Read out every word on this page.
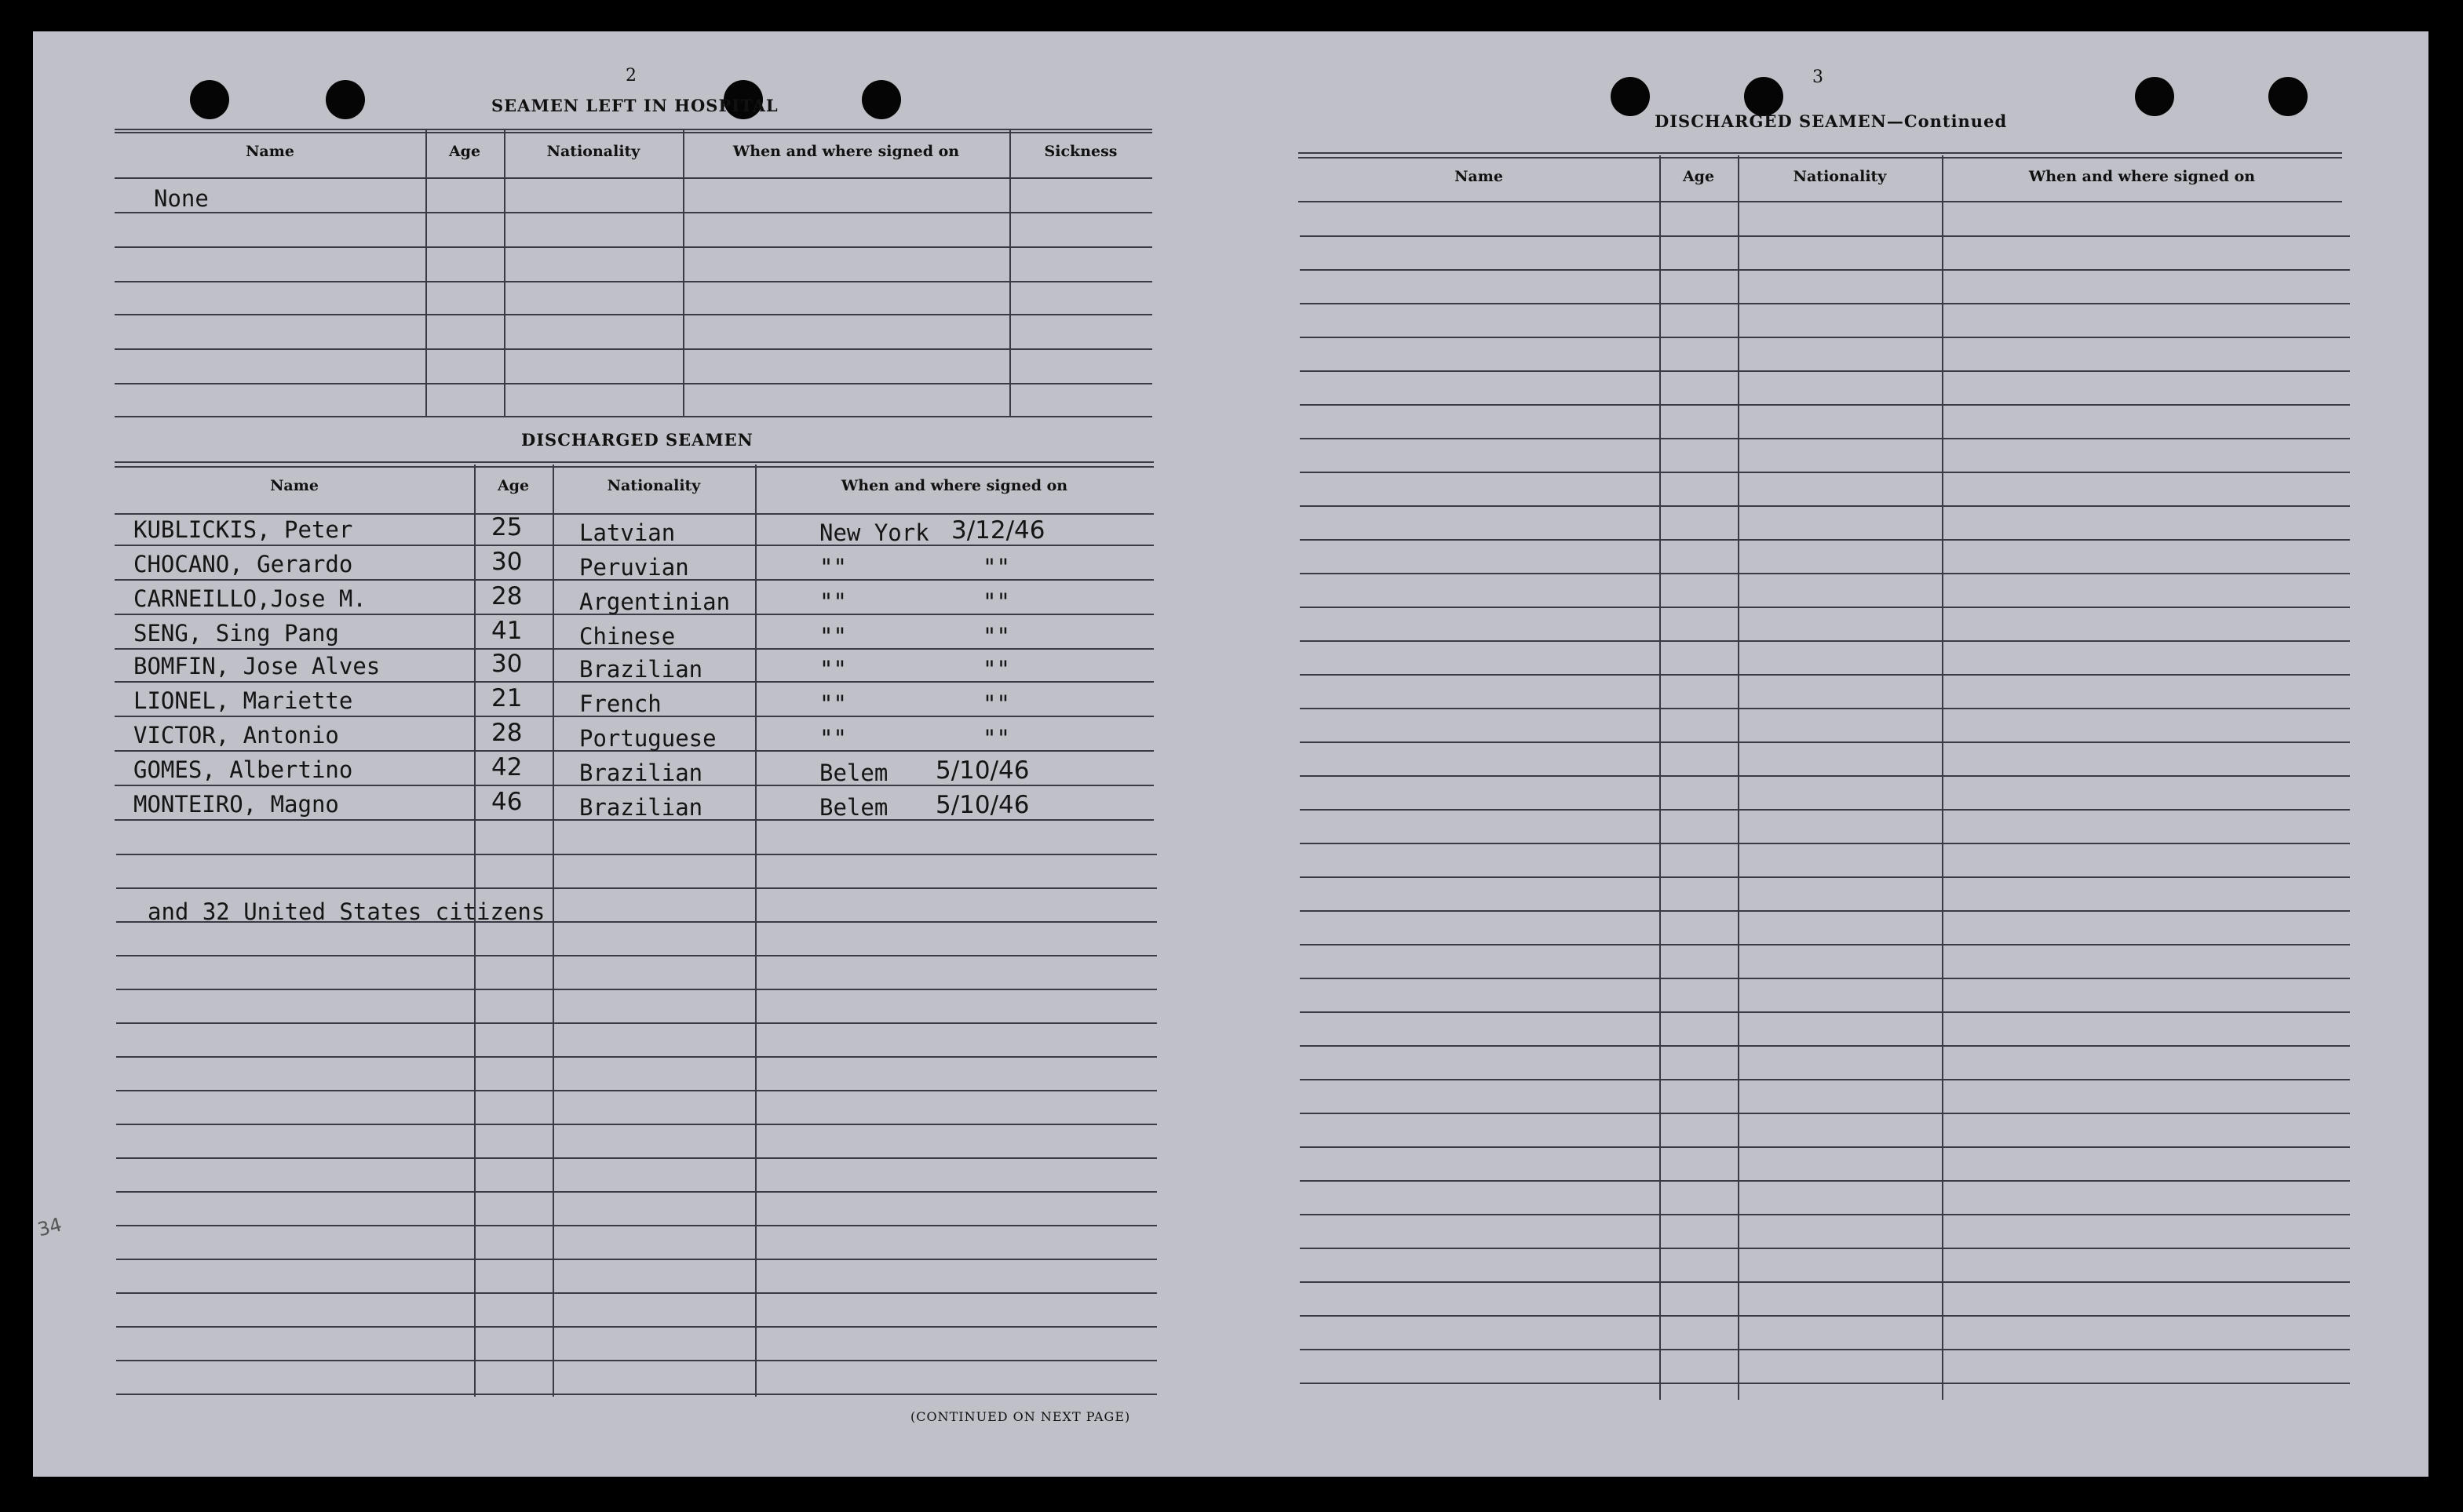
2
SEAMEN LEFT IN HOSPITAL
Name	Age	Nationality	When and where signed on	Sickness
None
Name	Age	Nationality	When and where signed on
KUBLICKIS, Peter	25	Latvian	New York 3/12/46
CHOCANO, Gerardo	30	Peruvian	""	""
CARNEILLO,Jose M.	28	Argentinian	""	""
SENG, Sing Pang	41	Chinese	""	""
BOMFIN, Jose Alves	30	Brazilian	""	""
LIONEL, Mariette	21	French	""	""
VICTOR, Antonio	28	Portuguese	""	""
GOMES, Albertino	42	Brazilian	Belem 5/10/46
MONTEIRO, Magno	46	Brazilian	Belem 5/10/46
DISCHARGED SEAMEN
and 32 United States citizens
(CONTINUED ON NEXT PAGE)
34
3
DISCHARGED SEAMEN—Continued
Name	Age	Nationality	When and where signed on
